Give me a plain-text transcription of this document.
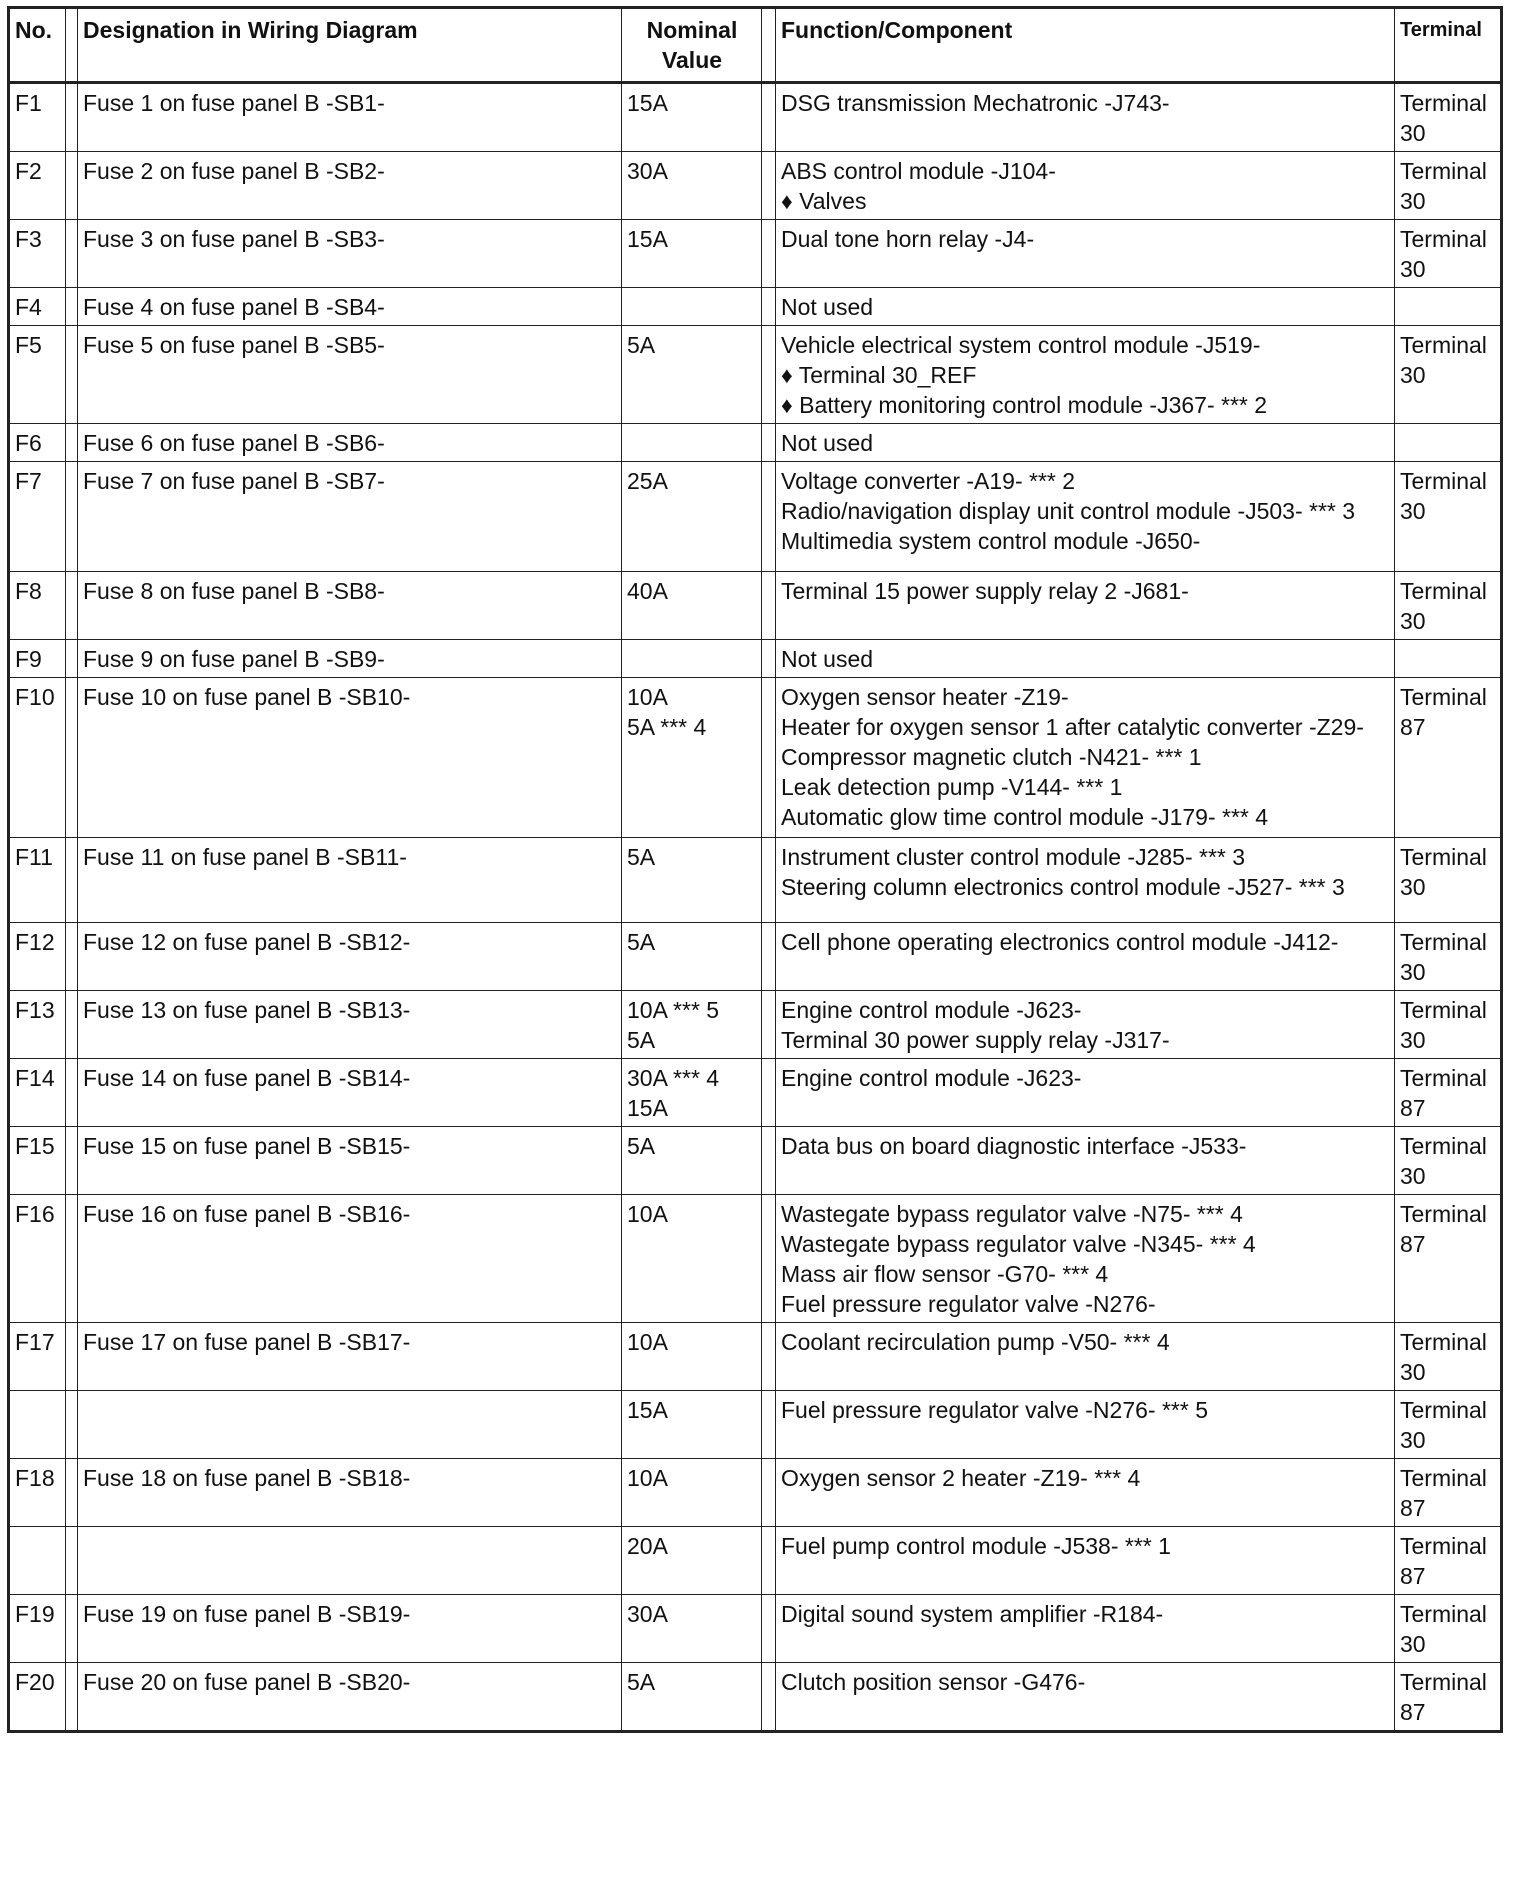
No.		Designation in Wiring Diagram	Nominal
Value		Function/Component	Terminal
F1		Fuse 1 on fuse panel B -SB1-	15A		DSG transmission Mechatronic -J743-	Terminal
30

F2		Fuse 2 on fuse panel B -SB2-	30A		ABS control module -J104-
♦ Valves	Terminal
30

F3		Fuse 3 on fuse panel B -SB3-	15A		Dual tone horn relay -J4-	Terminal
30

F4		Fuse 4 on fuse panel B -SB4-			Not used	

F5		Fuse 5 on fuse panel B -SB5-	5A		Vehicle electrical system control module -J519-
♦ Terminal 30_REF
♦ Battery monitoring control module -J367- *** 2	Terminal
30

F6		Fuse 6 on fuse panel B -SB6-			Not used	

F7		Fuse 7 on fuse panel B -SB7-	25A		Voltage converter -A19- *** 2
Radio/navigation display unit control module -J503- *** 3
Multimedia system control module -J650-	Terminal
30

F8		Fuse 8 on fuse panel B -SB8-	40A		Terminal 15 power supply relay 2 -J681-	Terminal
30

F9		Fuse 9 on fuse panel B -SB9-			Not used	

F10		Fuse 10 on fuse panel B -SB10-	10A
5A *** 4		Oxygen sensor heater -Z19-
Heater for oxygen sensor 1 after catalytic converter -Z29-
Compressor magnetic clutch -N421- *** 1
Leak detection pump -V144- *** 1
Automatic glow time control module -J179- *** 4	Terminal
87

F11		Fuse 11 on fuse panel B -SB11-	5A		Instrument cluster control module -J285- *** 3
Steering column electronics control module -J527- *** 3	Terminal
30

F12		Fuse 12 on fuse panel B -SB12-	5A		Cell phone operating electronics control module -J412-	Terminal
30

F13		Fuse 13 on fuse panel B -SB13-	10A *** 5
5A		Engine control module -J623-
Terminal 30 power supply relay -J317-	Terminal
30

F14		Fuse 14 on fuse panel B -SB14-	30A *** 4
15A		Engine control module -J623-	Terminal
87

F15		Fuse 15 on fuse panel B -SB15-	5A		Data bus on board diagnostic interface -J533-	Terminal
30

F16		Fuse 16 on fuse panel B -SB16-	10A		Wastegate bypass regulator valve -N75- *** 4
Wastegate bypass regulator valve -N345- *** 4
Mass air flow sensor -G70- *** 4
Fuel pressure regulator valve -N276-	Terminal
87

F17		Fuse 17 on fuse panel B -SB17-	10A		Coolant recirculation pump -V50- *** 4	Terminal
30

			15A		Fuel pressure regulator valve -N276- *** 5	Terminal
30

F18		Fuse 18 on fuse panel B -SB18-	10A		Oxygen sensor 2 heater -Z19- *** 4	Terminal
87

			20A		Fuel pump control module -J538- *** 1	Terminal
87

F19		Fuse 19 on fuse panel B -SB19-	30A		Digital sound system amplifier -R184-	Terminal
30

F20		Fuse 20 on fuse panel B -SB20-	5A		Clutch position sensor -G476-	Terminal
87
